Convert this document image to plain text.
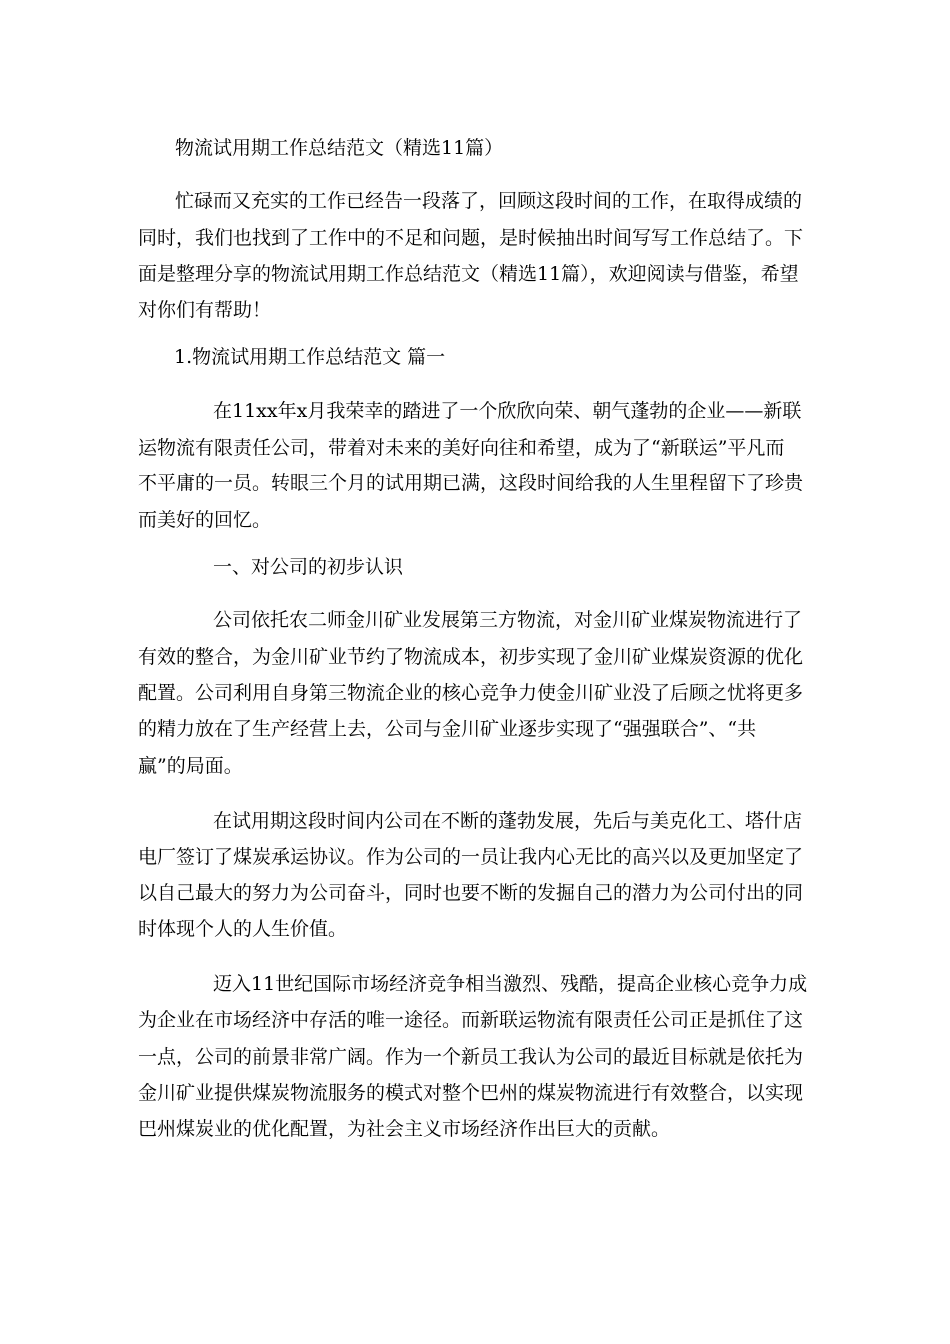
物流试用期工作总结范文（精选11篇）
忙碌而又充实的工作已经告一段落了，回顾这段时间的工作，在取得成绩的
同时，我们也找到了工作中的不足和问题，是时候抽出时间写写工作总结了。下
面是整理分享的物流试用期工作总结范文（精选11篇），欢迎阅读与借鉴，希望
对你们有帮助！
1.物流试用期工作总结范文 篇一
在11xx年x月我荣幸的踏进了一个欣欣向荣、朝气蓬勃的企业——新联
运物流有限责任公司，带着对未来的美好向往和希望，成为了“新联运”平凡而
不平庸的一员。转眼三个月的试用期已满，这段时间给我的人生里程留下了珍贵
而美好的回忆。
一、对公司的初步认识
公司依托农二师金川矿业发展第三方物流，对金川矿业煤炭物流进行了
有效的整合，为金川矿业节约了物流成本，初步实现了金川矿业煤炭资源的优化
配置。公司利用自身第三物流企业的核心竞争力使金川矿业没了后顾之忧将更多
的精力放在了生产经营上去，公司与金川矿业逐步实现了“强强联合”、“共
赢”的局面。
在试用期这段时间内公司在不断的蓬勃发展，先后与美克化工、塔什店
电厂签订了煤炭承运协议。作为公司的一员让我内心无比的高兴以及更加坚定了
以自己最大的努力为公司奋斗，同时也要不断的发掘自己的潜力为公司付出的同
时体现个人的人生价值。
迈入11世纪国际市场经济竞争相当激烈、残酷，提高企业核心竞争力成
为企业在市场经济中存活的唯一途径。而新联运物流有限责任公司正是抓住了这
一点，公司的前景非常广阔。作为一个新员工我认为公司的最近目标就是依托为
金川矿业提供煤炭物流服务的模式对整个巴州的煤炭物流进行有效整合，以实现
巴州煤炭业的优化配置，为社会主义市场经济作出巨大的贡献。
